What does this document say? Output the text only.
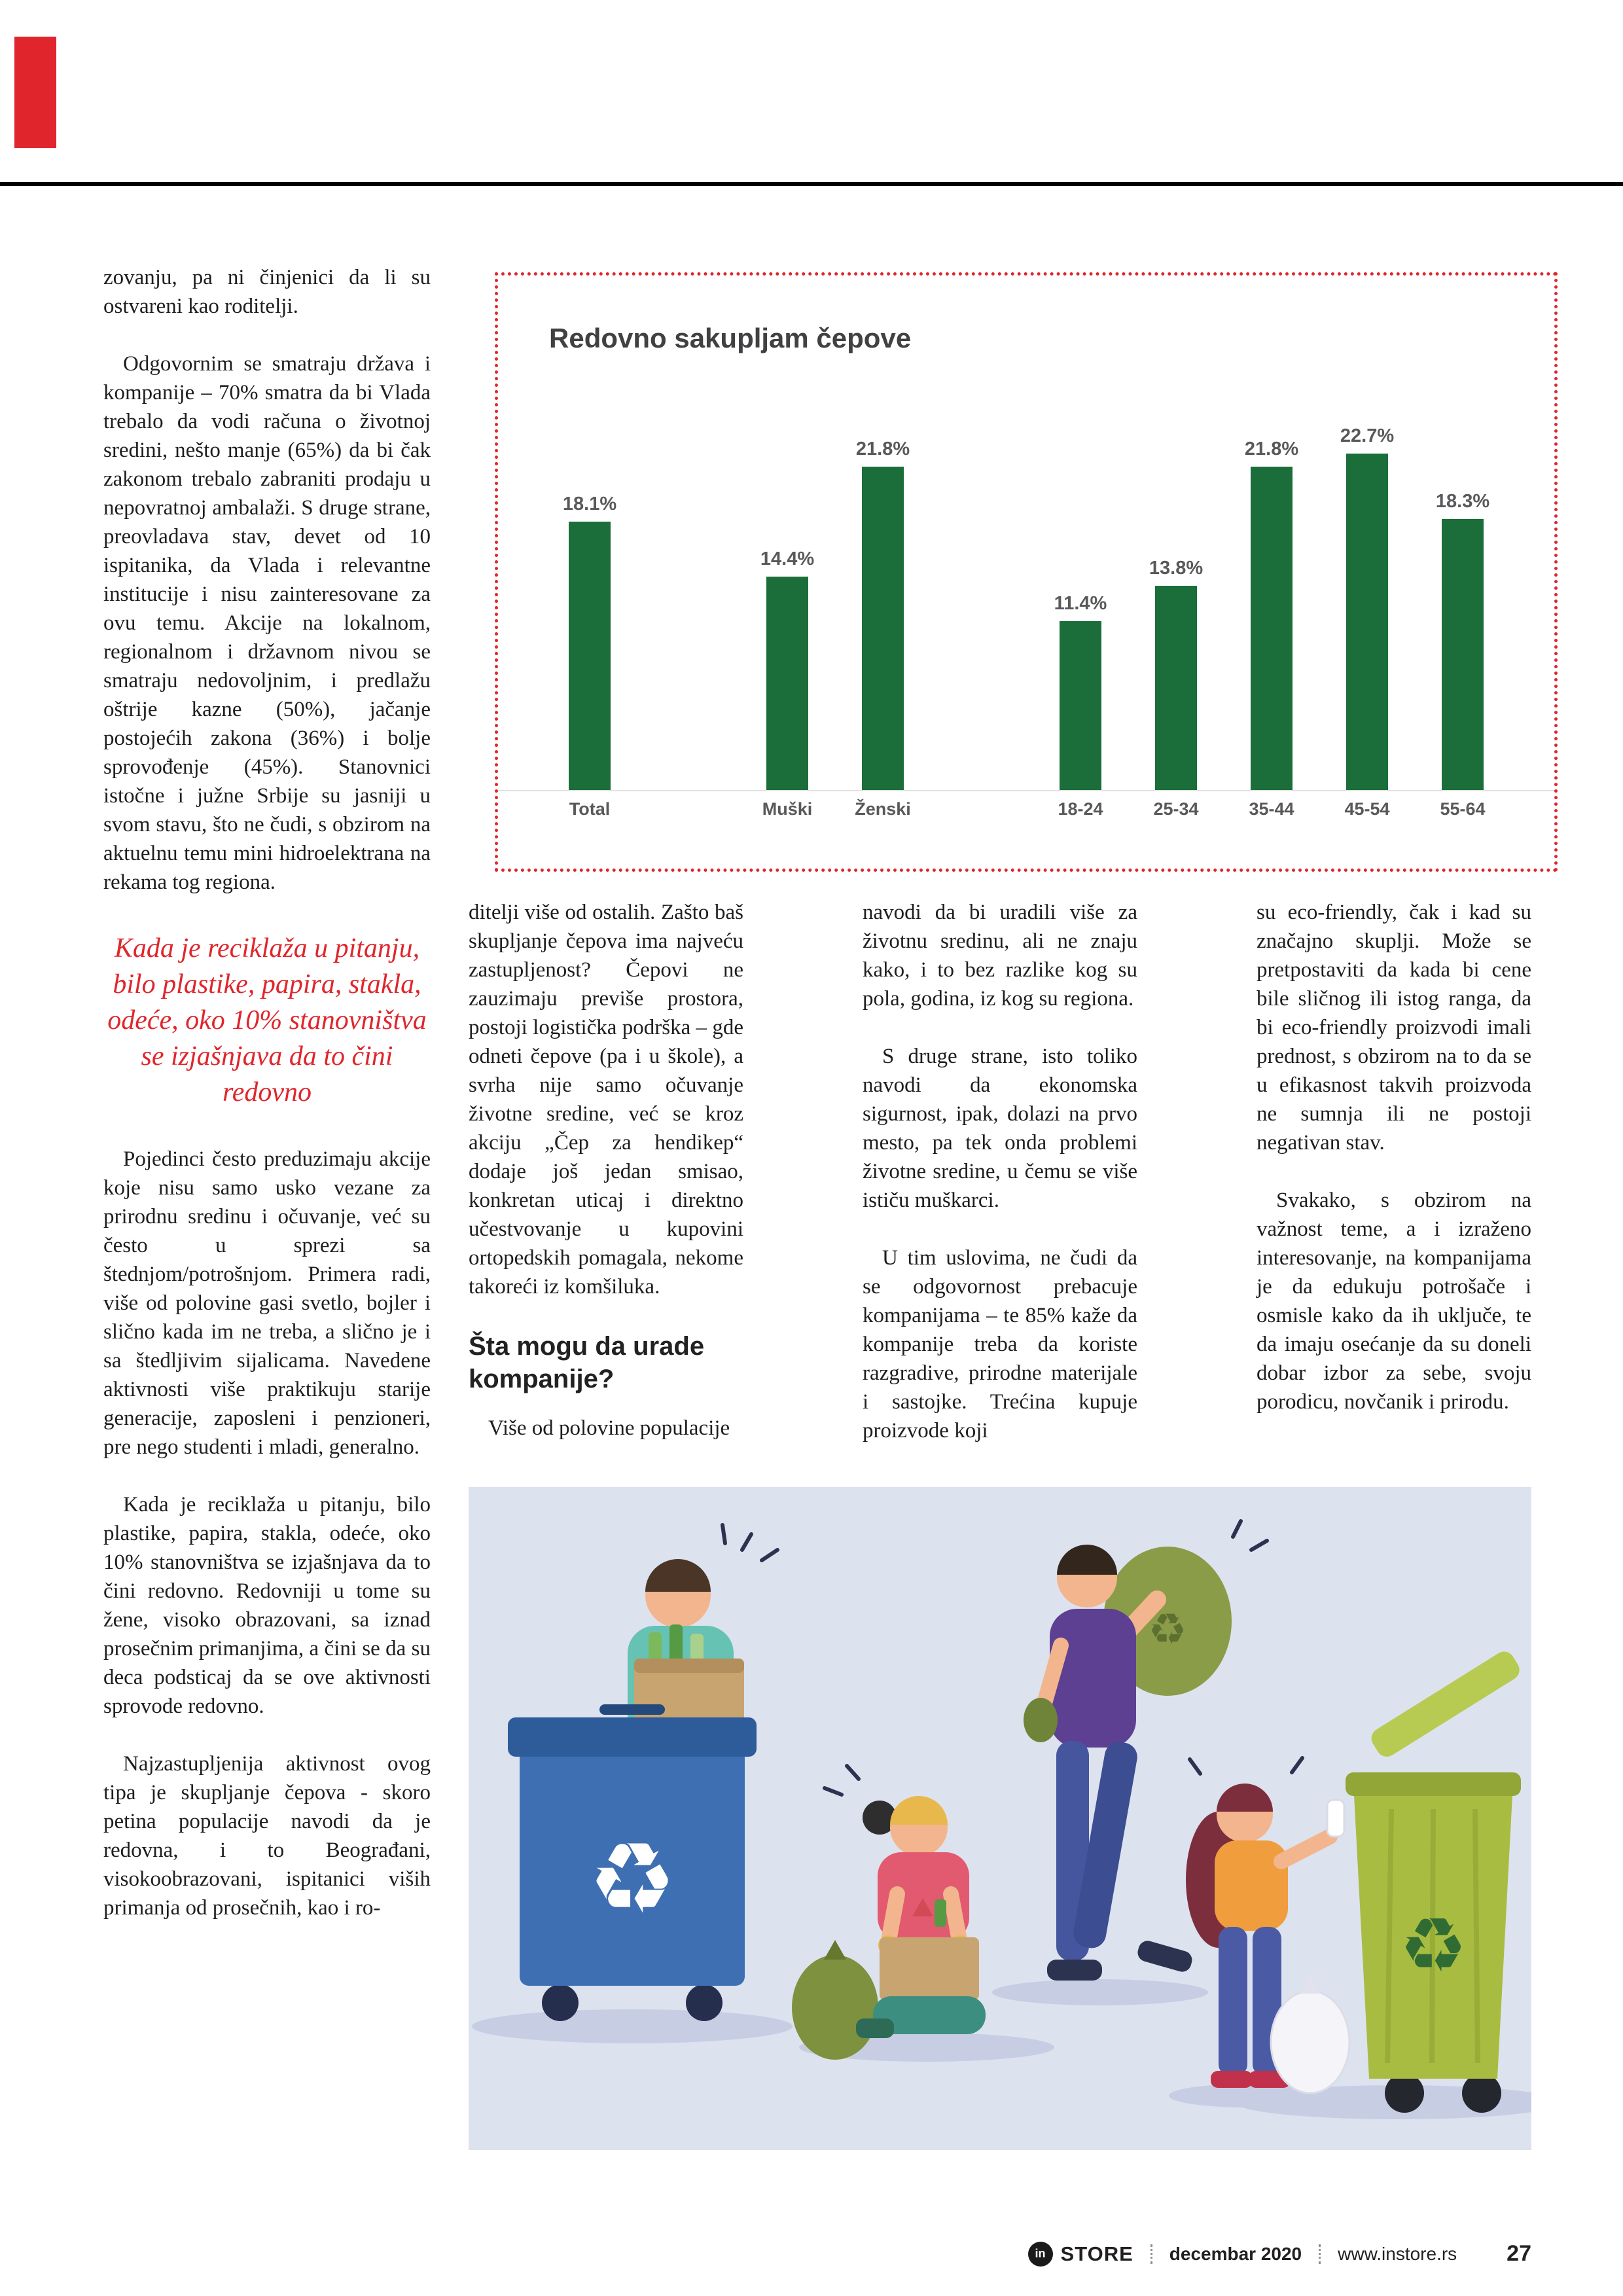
zovanju, pa ni činjenici da li su ostvareni kao roditelji.

Odgovornim se smatraju država i kompanije – 70% smatra da bi Vlada trebalo da vodi računa o životnoj sredini, nešto manje (65%) da bi čak zakonom trebalo zabraniti prodaju u nepovratnoj ambalaži. S druge strane, preovladava stav, devet od 10 ispitanika, da Vlada i relevantne institucije i nisu zainteresovane za ovu temu. Akcije na lokalnom, regionalnom i državnom nivou se smatraju nedovoljnim, i predlažu oštrije kazne (50%), jačanje postojećih zakona (36%) i bolje sprovođenje (45%). Stanovnici istočne i južne Srbije su jasniji u svom stavu, što ne čudi, s obzirom na aktuelnu temu mini hidroelektrana na rekama tog regiona.

Kada je reciklaža u pitanju, bilo plastike, papira, stakla, odeće, oko 10% stanovništva se izjašnjava da to čini redovno

Pojedinci često preduzimaju akcije koje nisu samo usko vezane za prirodnu sredinu i očuvanje, već su često u sprezi sa štednjom/potrošnjom. Primera radi, više od polovine gasi svetlo, bojler i slično kada im ne treba, a slično je i sa štedljivim sijalicama. Navedene aktivnosti više praktikuju starije generacije, zaposleni i penzioneri, pre nego studenti i mladi, generalno.

Kada je reciklaža u pitanju, bilo plastike, papira, stakla, odeće, oko 10% stanovništva se izjašnjava da to čini redovno. Redovniji u tome su žene, visoko obrazovani, sa iznad prosečnim primanjima, a čini se da su deca podsticaj da se ove aktivnosti sprovode redovno.

Najzastupljenija aktivnost ovog tipa je skupljanje čepova - skoro petina populacije navodi da je redovna, i to Beograđani, visokoobrazovani, ispitanici viših primanja od prosečnih, kao i ro-

Redovno sakupljam čepove
18.1%
14.4%
21.8%
11.4%
13.8%
21.8%
22.7%
18.3%
Total	Muški	Ženski	18-24	25-34	35-44	45-54	55-64

ditelji više od ostalih. Zašto baš skupljanje čepova ima najveću zastupljenost? Čepovi ne zauzimaju previše prostora, postoji logistička podrška – gde odneti čepove (pa i u škole), a svrha nije samo očuvanje životne sredine, već se kroz akciju „Čep za hendikep“ dodaje još jedan smisao, konkretan uticaj i direktno učestvovanje u kupovini ortopedskih pomagala, nekome takoreći iz komšiluka.

Šta mogu da urade kompanije?

Više od polovine populacije

navodi da bi uradili više za životnu sredinu, ali ne znaju kako, i to bez razlike kog su pola, godina, iz kog su regiona.

S druge strane, isto toliko navodi da ekonomska sigurnost, ipak, dolazi na prvo mesto, pa tek onda problemi životne sredine, u čemu se više ističu muškarci.

U tim uslovima, ne čudi da se odgovornost prebacuje kompanijama – te 85% kaže da kompanije treba da koriste razgradive, prirodne materijale i sastojke. Trećina kupuje proizvode koji

su eco-friendly, čak i kad su značajno skuplji. Može se pretpostaviti da kada bi cene bile sličnog ili istog ranga, da bi eco-friendly proizvodi imali prednost, s obzirom na to da se u efikasnost takvih proizvoda ne sumnja ili ne postoji negativan stav.

Svakako, s obzirom na važnost teme, a i izraženo interesovanje, na kompanijama je da edukuju potrošače i osmisle kako da ih uključe, te da imaju osećanje da su doneli dobar izbor za sebe, svoju porodicu, novčanik i prirodu.

♻
♻
♻
in STORE decembar 2020 www.instore.rs 27
